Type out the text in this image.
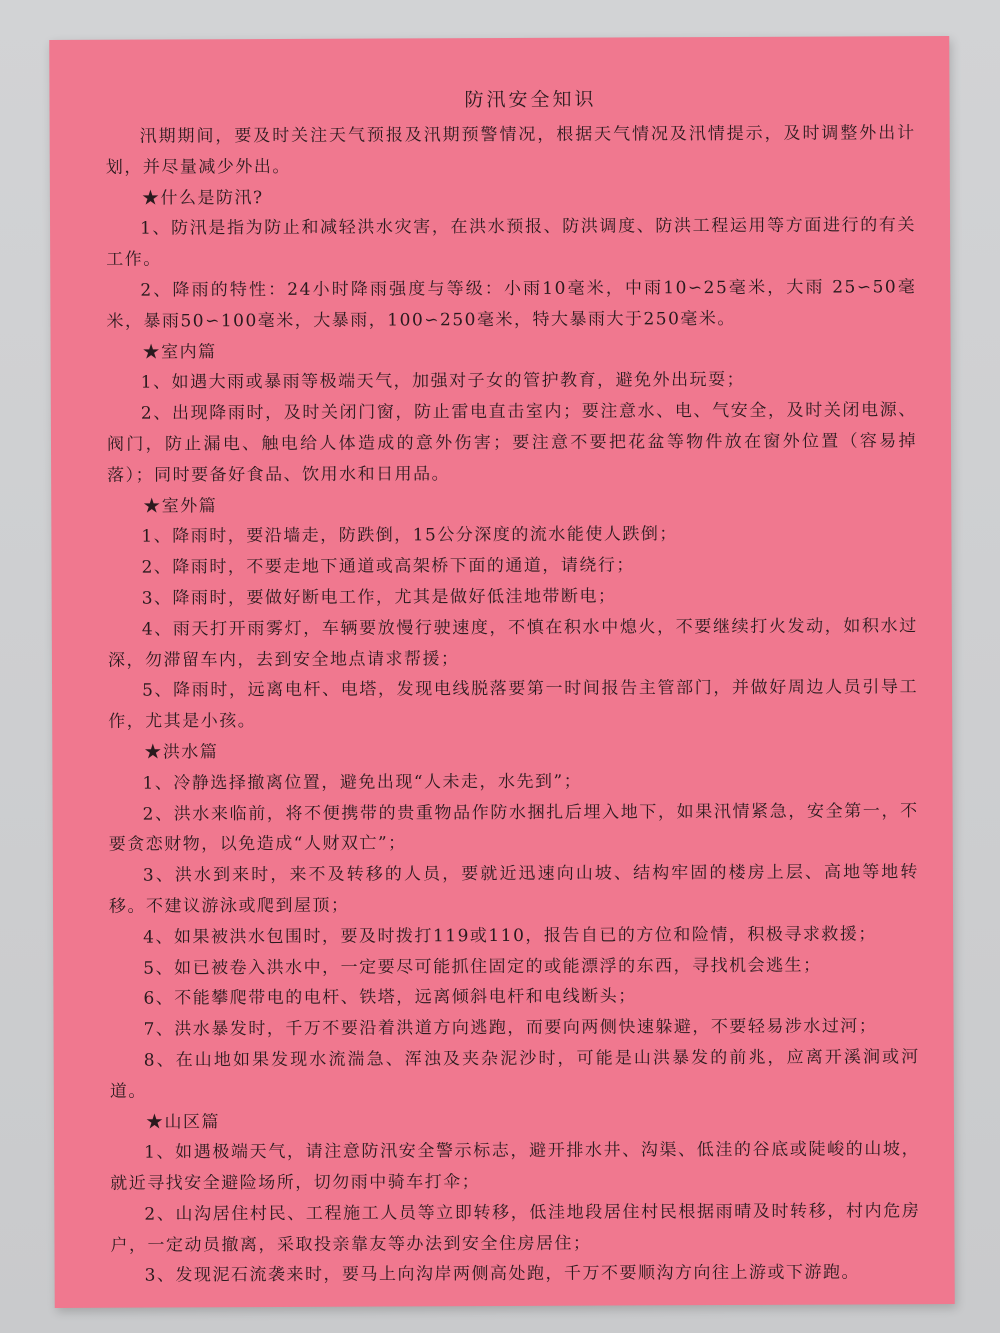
防汛安全知识

汛期期间，要及时关注天气预报及汛期预警情况，根据天气情况及汛情提示，及时调整外出计划，并尽量减少外出。

★什么是防汛?

1、防汛是指为防止和减轻洪水灾害，在洪水预报、防洪调度、防洪工程运用等方面进行的有关工作。

2、降雨的特性：24小时降雨强度与等级：小雨10毫米，中雨10∽25毫米，大雨 25∽50毫米，暴雨50∽100毫米，大暴雨，100∽250毫米，特大暴雨大于250毫米。

★室内篇

1、如遇大雨或暴雨等极端天气，加强对子女的管护教育，避免外出玩耍；

2、出现降雨时，及时关闭门窗，防止雷电直击室内；要注意水、电、气安全，及时关闭电源、阀门，防止漏电、触电给人体造成的意外伤害；要注意不要把花盆等物件放在窗外位置（容易掉落）；同时要备好食品、饮用水和日用品。

★室外篇

1、降雨时，要沿墙走，防跌倒，15公分深度的流水能使人跌倒；

2、降雨时，不要走地下通道或高架桥下面的通道，请绕行；

3、降雨时，要做好断电工作，尤其是做好低洼地带断电；

4、雨天打开雨雾灯，车辆要放慢行驶速度，不慎在积水中熄火，不要继续打火发动，如积水过深，勿滞留车内，去到安全地点请求帮援；

5、降雨时，远离电杆、电塔，发现电线脱落要第一时间报告主管部门，并做好周边人员引导工作，尤其是小孩。

★洪水篇

1、冷静选择撤离位置，避免出现“人未走，水先到”；

2、洪水来临前，将不便携带的贵重物品作防水捆扎后埋入地下，如果汛情紧急，安全第一，不要贪恋财物，以免造成“人财双亡”；

3、洪水到来时，来不及转移的人员，要就近迅速向山坡、结构牢固的楼房上层、高地等地转移。不建议游泳或爬到屋顶；

4、如果被洪水包围时，要及时拨打119或110，报告自已的方位和险情，积极寻求救援；

5、如已被卷入洪水中，一定要尽可能抓住固定的或能漂浮的东西，寻找机会逃生；

6、不能攀爬带电的电杆、铁塔，远离倾斜电杆和电线断头；

7、洪水暴发时，千万不要沿着洪道方向逃跑，而要向两侧快速躲避，不要轻易涉水过河；

8、在山地如果发现水流湍急、浑浊及夹杂泥沙时，可能是山洪暴发的前兆，应离开溪涧或河道。

★山区篇

1、如遇极端天气，请注意防汛安全警示标志，避开排水井、沟渠、低洼的谷底或陡峻的山坡，就近寻找安全避险场所，切勿雨中骑车打伞；

2、山沟居住村民、工程施工人员等立即转移，低洼地段居住村民根据雨晴及时转移，村内危房户，一定动员撤离，采取投亲靠友等办法到安全住房居住；

3、发现泥石流袭来时，要马上向沟岸两侧高处跑，千万不要顺沟方向往上游或下游跑。
